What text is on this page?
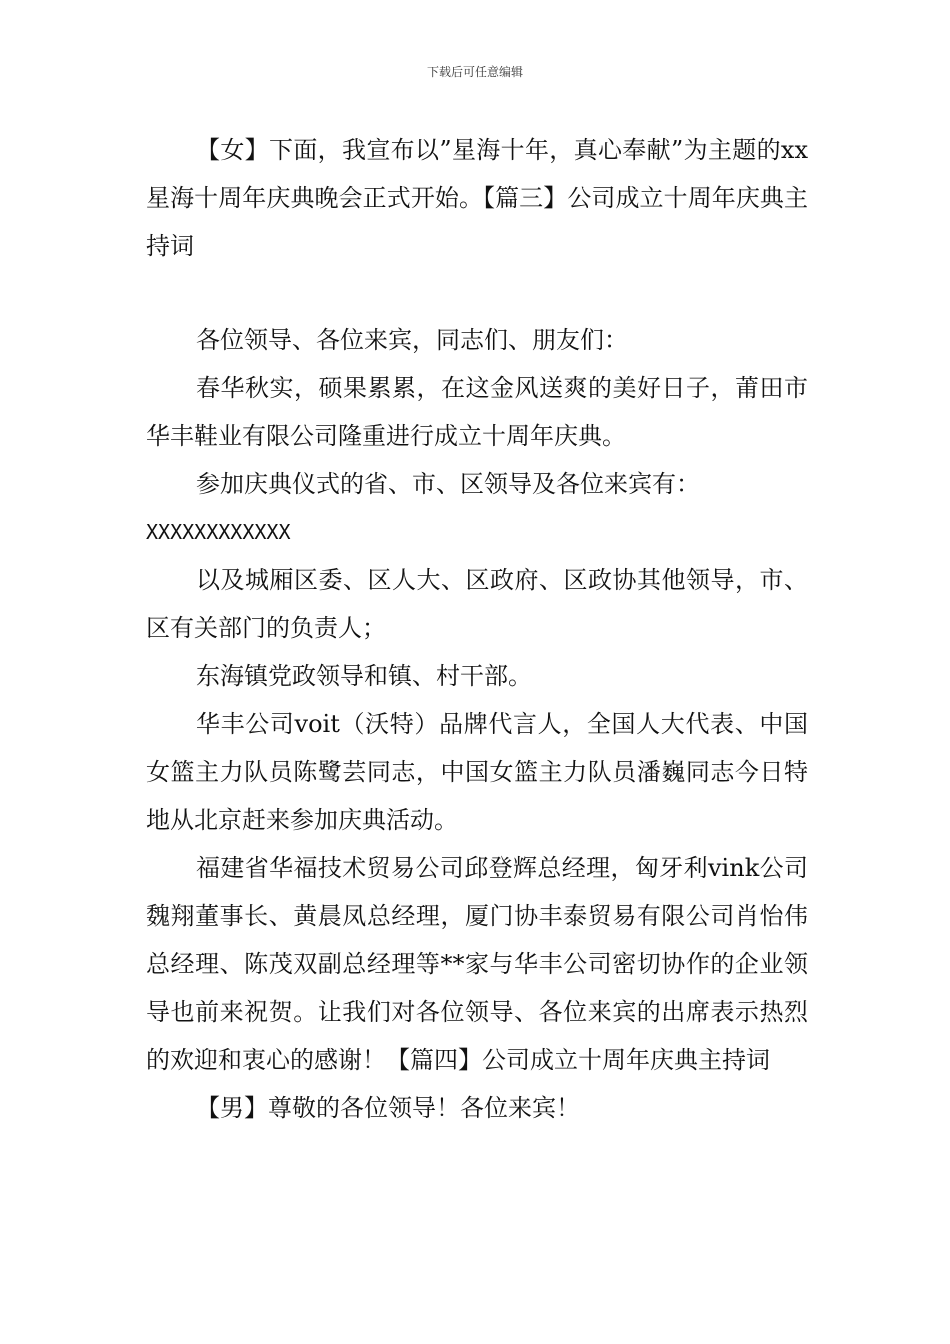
下载后可任意编辑

【女】下面，我宣布以”星海十年，真心奉献”为主题的xx星海十周年庆典晚会正式开始。【篇三】公司成立十周年庆典主持词

各位领导、各位来宾，同志们、朋友们：

春华秋实，硕果累累，在这金风送爽的美好日子，莆田市华丰鞋业有限公司隆重进行成立十周年庆典。

参加庆典仪式的省、市、区领导及各位来宾有：

XXXXXXXXXXXX

以及城厢区委、区人大、区政府、区政协其他领导，市、区有关部门的负责人；

东海镇党政领导和镇、村干部。

华丰公司voit（沃特）品牌代言人，全国人大代表、中国女篮主力队员陈鹭芸同志，中国女篮主力队员潘巍同志今日特地从北京赶来参加庆典活动。

福建省华福技术贸易公司邱登辉总经理，匈牙利vink公司魏翔董事长、黄晨凤总经理，厦门协丰泰贸易有限公司肖怡伟总经理、陈茂双副总经理等**家与华丰公司密切协作的企业领导也前来祝贺。让我们对各位领导、各位来宾的出席表示热烈的欢迎和衷心的感谢！【篇四】公司成立十周年庆典主持词

【男】尊敬的各位领导！各位来宾！
